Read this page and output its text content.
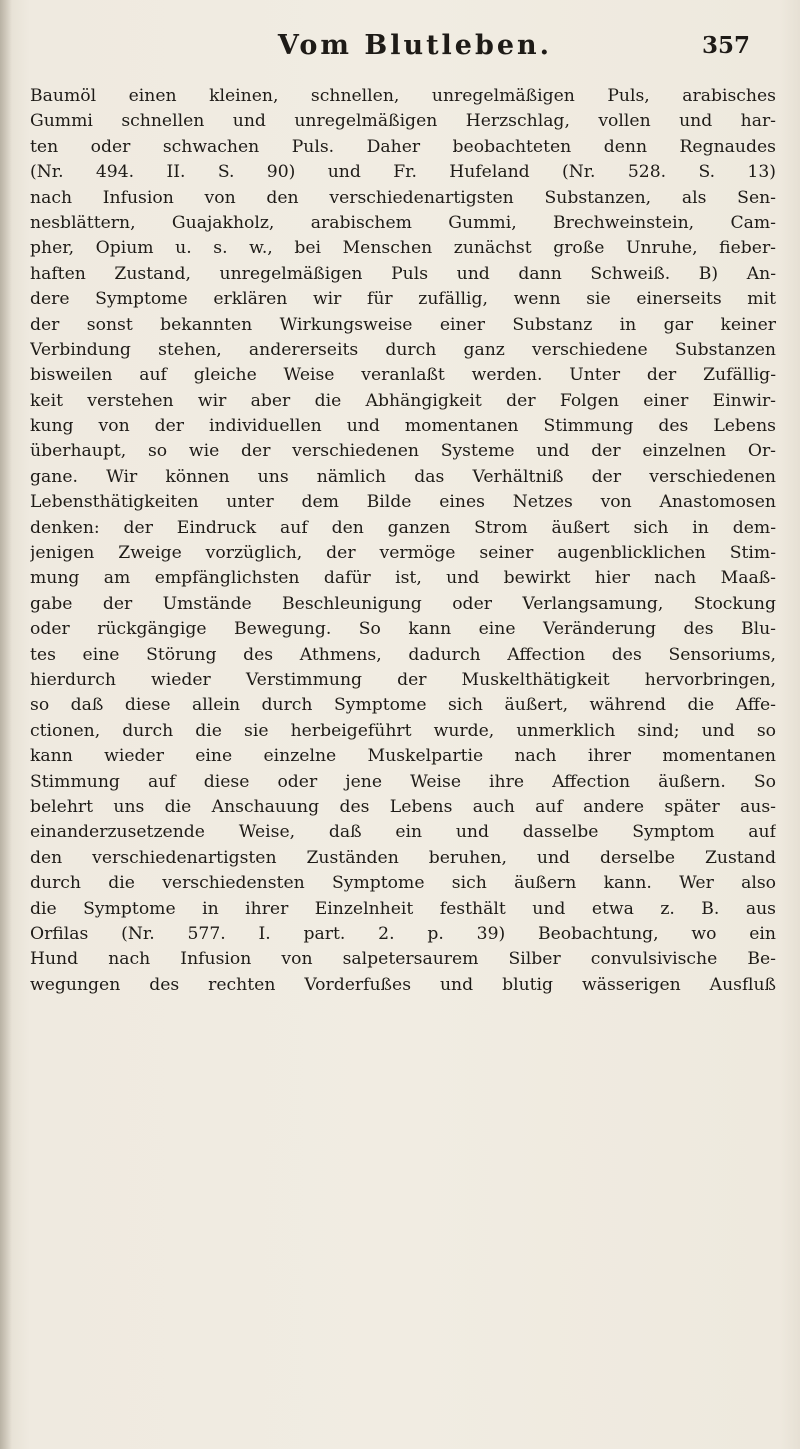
Vom Blutleben.	357
Baumöl einen kleinen, schnellen, unregelmäßigen Puls, arabisches
Gummi schnellen und unregelmäßigen Herzschlag, vollen und har-
ten oder schwachen Puls. Daher beobachteten denn Regnaudes
(Nr. 494. II. S. 90) und Fr. Hufeland (Nr. 528. S. 13)
nach Infusion von den verschiedenartigsten Substanzen, als Sen-
nesblättern, Guajakholz, arabischem Gummi, Brechweinstein, Cam-
pher, Opium u. s. w., bei Menschen zunächst große Unruhe, fieber-
haften Zustand, unregelmäßigen Puls und dann Schweiß. B) An-
dere Symptome erklären wir für zufällig, wenn sie einerseits mit
der sonst bekannten Wirkungsweise einer Substanz in gar keiner
Verbindung stehen, andererseits durch ganz verschiedene Substanzen
bisweilen auf gleiche Weise veranlaßt werden. Unter der Zufällig-
keit verstehen wir aber die Abhängigkeit der Folgen einer Einwir-
kung von der individuellen und momentanen Stimmung des Lebens
überhaupt, so wie der verschiedenen Systeme und der einzelnen Or-
gane. Wir können uns nämlich das Verhältniß der verschiedenen
Lebensthätigkeiten unter dem Bilde eines Netzes von Anastomosen
denken: der Eindruck auf den ganzen Strom äußert sich in dem-
jenigen Zweige vorzüglich, der vermöge seiner augenblicklichen Stim-
mung am empfänglichsten dafür ist, und bewirkt hier nach Maaß-
gabe der Umstände Beschleunigung oder Verlangsamung, Stockung
oder rückgängige Bewegung. So kann eine Veränderung des Blu-
tes eine Störung des Athmens, dadurch Affection des Sensoriums,
hierdurch wieder Verstimmung der Muskelthätigkeit hervorbringen,
so daß diese allein durch Symptome sich äußert, während die Affe-
ctionen, durch die sie herbeigeführt wurde, unmerklich sind; und so
kann wieder eine einzelne Muskelpartie nach ihrer momentanen
Stimmung auf diese oder jene Weise ihre Affection äußern. So
belehrt uns die Anschauung des Lebens auch auf andere später aus-
einanderzusetzende Weise, daß ein und dasselbe Symptom auf
den verschiedenartigsten Zuständen beruhen, und derselbe Zustand
durch die verschiedensten Symptome sich äußern kann. Wer also
die Symptome in ihrer Einzelnheit festhält und etwa z. B. aus
Orfilas (Nr. 577. I. part. 2. p. 39) Beobachtung, wo ein
Hund nach Infusion von salpetersaurem Silber convulsivische Be-
wegungen des rechten Vorderfußes und blutig wässerigen Ausfluß
